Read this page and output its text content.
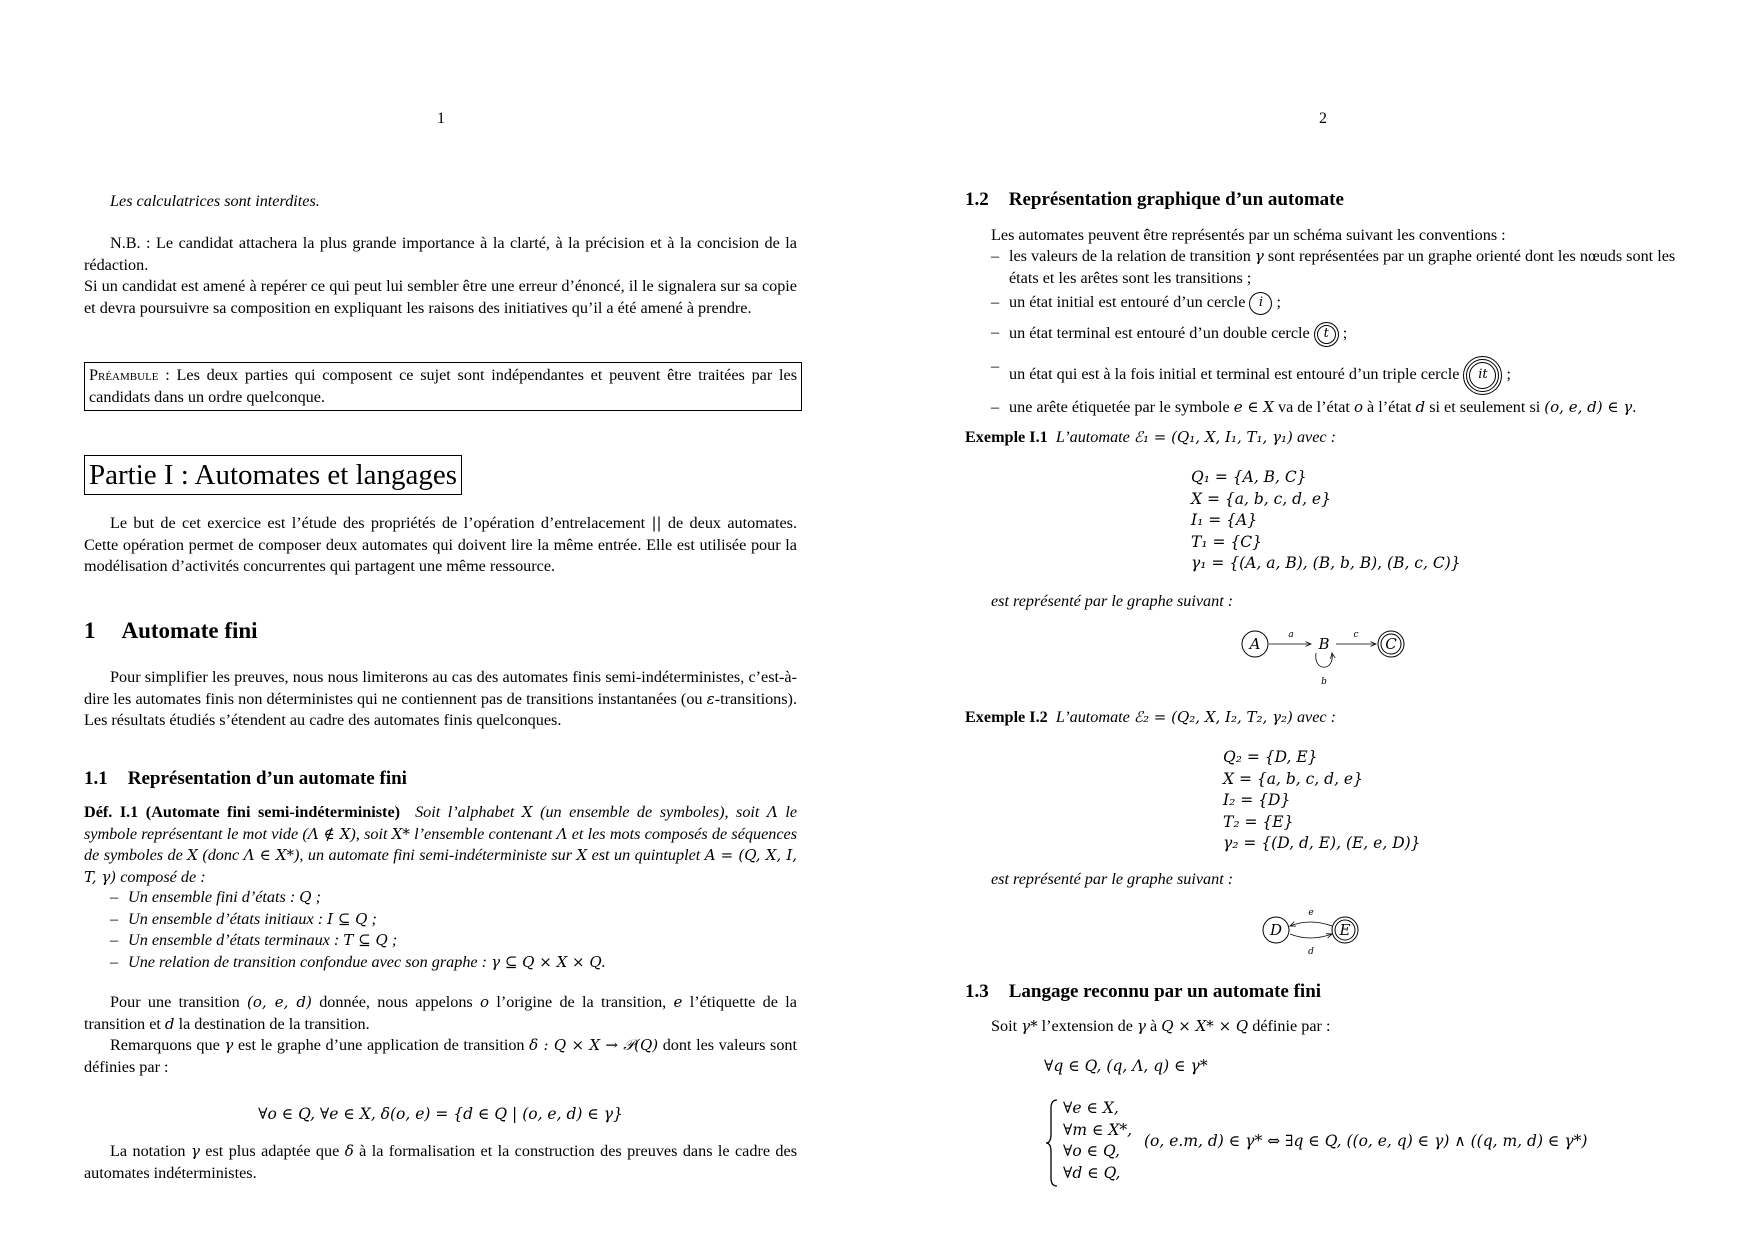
1

Les calculatrices sont interdites.

N.B. : Le candidat attachera la plus grande importance à la clarté, à la précision et à la concision de la rédaction.

Si un candidat est amené à repérer ce qui peut lui sembler être une erreur d’énoncé, il le signalera sur sa copie et devra poursuivre sa composition en expliquant les raisons des initiatives qu’il a été amené à prendre.

Préambule : Les deux parties qui composent ce sujet sont indépendantes et peuvent être traitées par les candidats dans un ordre quelconque.
Partie I : Automates et langages

Le but de cet exercice est l’étude des propriétés de l’opération d’entrelacement || de deux automates. Cette opération permet de composer deux automates qui doivent lire la même entrée. Elle est utilisée pour la modélisation d’activités concurrentes qui partagent une même ressource.

1 Automate fini

Pour simplifier les preuves, nous nous limiterons au cas des automates finis semi-indéterministes, c’est-à-dire les automates finis non déterministes qui ne contiennent pas de transitions instantanées (ou ε-transitions). Les résultats étudiés s’étendent au cadre des automates finis quelconques.

1.1 Représentation d’un automate fini

Déf. I.1 (Automate fini semi-indéterministe) Soit l’alphabet X (un ensemble de symboles), soit Λ le symbole représentant le mot vide (Λ ∉ X), soit X* l’ensemble contenant Λ et les mots composés de séquences de symboles de X (donc Λ ∈ X*), un automate fini semi-indéterministe sur X est un quintuplet A = (Q, X, I, T, γ) composé de :

– Un ensemble fini d’états : Q ;
– Un ensemble d’états initiaux : I ⊆ Q ;
– Un ensemble d’états terminaux : T ⊆ Q ;
– Une relation de transition confondue avec son graphe : γ ⊆ Q × X × Q.

Pour une transition (o, e, d) donnée, nous appelons o l’origine de la transition, e l’étiquette de la transition et d la destination de la transition.

Remarquons que γ est le graphe d’une application de transition δ : Q × X → 𝒫(Q) dont les valeurs sont définies par :

∀o ∈ Q, ∀e ∈ X, δ(o, e) = {d ∈ Q | (o, e, d) ∈ γ}

La notation γ est plus adaptée que δ à la formalisation et la construction des preuves dans le cadre des automates indéterministes.

2
1.2 Représentation graphique d’un automate

Les automates peuvent être représentés par un schéma suivant les conventions :

– les valeurs de la relation de transition γ sont représentées par un graphe orienté dont les nœuds sont les états et les arêtes sont les transitions ;
– un état initial est entouré d’un cercle i ;
– un état terminal est entouré d’un double cercle t ;
– un état qui est à la fois initial et terminal est entouré d’un triple cercle	it ;
– une arête étiquetée par le symbole e ∈ X va de l’état o à l’état d si et seulement si (o, e, d) ∈ γ.

Exemple I.1 L’automate ℰ₁ = (Q₁, X, I₁, T₁, γ₁) avec :

Q₁ = {A, B, C}
X = {a, b, c, d, e}
I₁ = {A}
T₁ = {C}
γ₁ = {(A, a, B), (B, b, B), (B, c, C)}

est représenté par le graphe suivant :

A	B	C
a	c
b

Exemple I.2 L’automate ℰ₂ = (Q₂, X, I₂, T₂, γ₂) avec :

Q₂ = {D, E}
X = {a, b, c, d, e}
I₂ = {D}
T₂ = {E}
γ₂ = {(D, d, E), (E, e, D)}

est représenté par le graphe suivant :

D	E
e
d
1.3 Langage reconnu par un automate fini

Soit γ* l’extension de γ à Q × X* × Q définie par :

∀q ∈ Q, (q, Λ, q) ∈ γ*
∀e ∈ X,
∀m ∈ X*,
∀o ∈ Q,
∀d ∈ Q,
(o, e.m, d) ∈ γ* ⇔ ∃q ∈ Q, ((o, e, q) ∈ γ) ∧ ((q, m, d) ∈ γ*)
